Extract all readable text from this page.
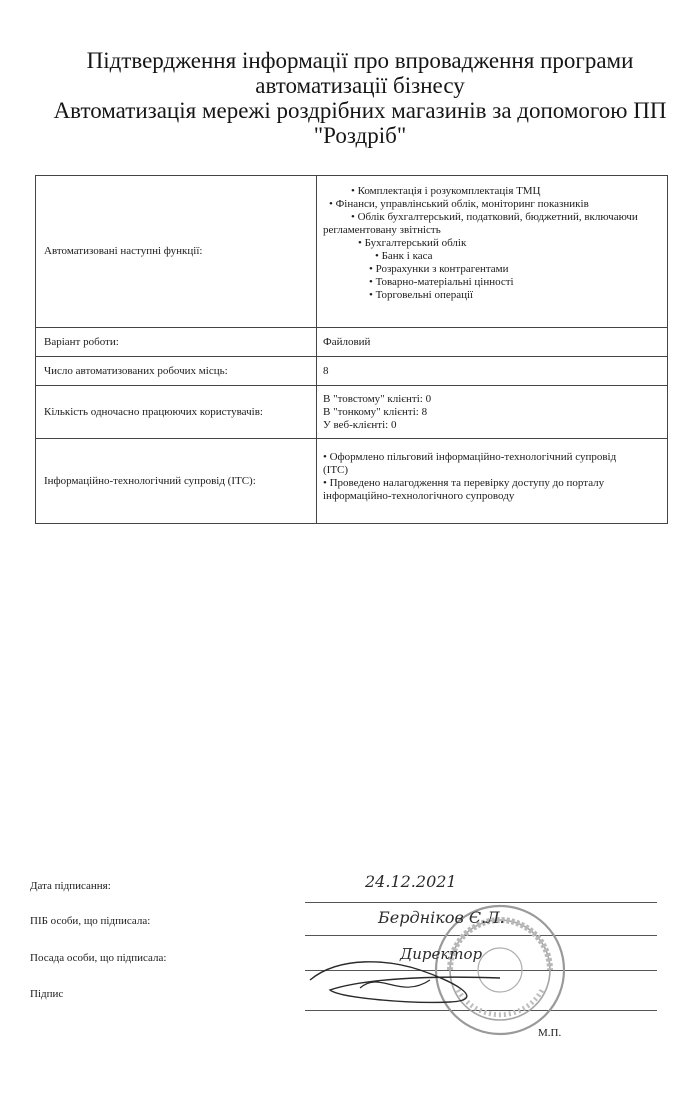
Підтвердження інформації про впровадження програми
автоматизації бізнесу
Автоматизація мережі роздрібних магазинів за допомогою ПП
"Роздріб"
Автоматизовані наступні функції:
• Комплектація і розукомплектація ТМЦ
• Фінанси, управлінський облік, моніторинг показників
• Облік бухгалтерський, податковий, бюджетний, включаючи
регламентовану звітність
• Бухгалтерський облік
• Банк і каса
• Розрахунки з контрагентами
• Товарно-матеріальні цінності
• Торговельні операції
Варіант роботи:	Файловий
Число автоматизованих робочих місць:	8
Кількість одночасно працюючих користувачів:
В "товстому" клієнті: 0
В "тонкому" клієнті: 8
У веб-клієнті: 0
Інформаційно-технологічний супровід (ІТС):
• Оформлено пільговий інформаційно-технологічний супровід
(ІТС)
• Проведено налагодження та перевірку доступу до порталу
інформаційно-технологічного супроводу
Дата підписання:
ПІБ особи, що підписала:
Посада особи, що підписала:
Підпис
24.12.2021
Бердніков Є.Л.
Директор
М.П.
